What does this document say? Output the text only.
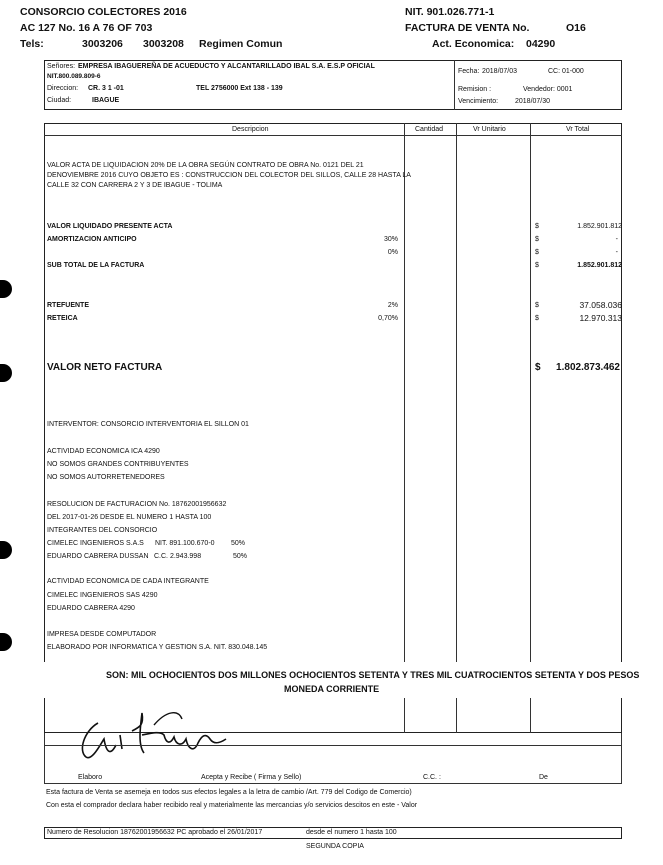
CONSORCIO COLECTORES 2016
AC 127 No. 16 A 76 OF 703
Tels:	3003206 3003208 Regimen Comun
NIT. 901.026.771-1
FACTURA DE VENTA No.	O16
Act. Economica: 04290
Señores: EMPRESA IBAGUEREÑA DE ACUEDUCTO Y ALCANTARILLADO IBAL S.A. E.S.P OFICIAL
NIT.800.089.809-6
Direccion: CR. 3 1 -01	TEL 2756000 Ext 138 - 139
Ciudad:	IBAGUE
Fecha: 2018/07/03	CC: 01-000
Remision :	Vendedor: 0001
Vencimiento: 2018/07/30
Descripcion	Cantidad	Vr Unitario	Vr Total
VALOR ACTA DE LIQUIDACION 20% DE LA OBRA SEGÚN CONTRATO DE OBRA No. 0121 DEL 21
DENOVIEMBRE 2016 CUYO OBJETO ES : CONSTRUCCION DEL COLECTOR DEL SILLOS, CALLE 28 HASTA LA
CALLE 32 CON CARRERA 2 Y 3 DE IBAGUE - TOLIMA
VALOR LIQUIDADO PRESENTE ACTA	$	1.852.901.812
AMORTIZACION ANTICIPO	30%	$	-
0%	$	-
SUB TOTAL DE LA FACTURA	$	1.852.901.812
RTEFUENTE	2%	$	37.058.036
RETEICA	0,70%	$	12.970.313
VALOR NETO FACTURA	$	1.802.873.462
INTERVENTOR: CONSORCIO INTERVENTORIA EL SILLON 01
ACTIVIDAD ECONOMICA ICA 4290
NO SOMOS GRANDES CONTRIBUYENTES
NO SOMOS AUTORRETENEDORES
RESOLUCION DE FACTURACION No. 18762001956632
DEL 2017-01-26 DESDE EL NUMERO 1 HASTA 100
INTEGRANTES DEL CONSORCIO
CIMELEC INGENIEROS S.A.S NIT. 891.100.670-0 50%
EDUARDO CABRERA DUSSAN C.C. 2.943.998	50%
ACTIVIDAD ECONOMICA DE CADA INTEGRANTE
CIMELEC INGENIEROS SAS 4290
EDUARDO CABRERA 4290
IMPRESA DESDE COMPUTADOR
ELABORADO POR INFORMATICA Y GESTION S.A. NIT. 830.048.145
SON: MIL OCHOCIENTOS DOS MILLONES OCHOCIENTOS SETENTA Y TRES MIL CUATROCIENTOS SETENTA Y DOS PESOS
MONEDA CORRIENTE
Elaboro	Acepta y Recibe ( Firma y Sello)	C.C. :	De
Esta factura de Venta se asemeja en todos sus efectos legales a la letra de cambio /Art. 779 del Codigo de Comercio)
Con esta el comprador declara haber recibido real y materialmente las mercancias y/o servicios descitos en este - Valor
Numero de Resolucion 18762001956632 PC aprobado el 26/01/2017	desde el numero 1 hasta 100
SEGUNDA COPIA
